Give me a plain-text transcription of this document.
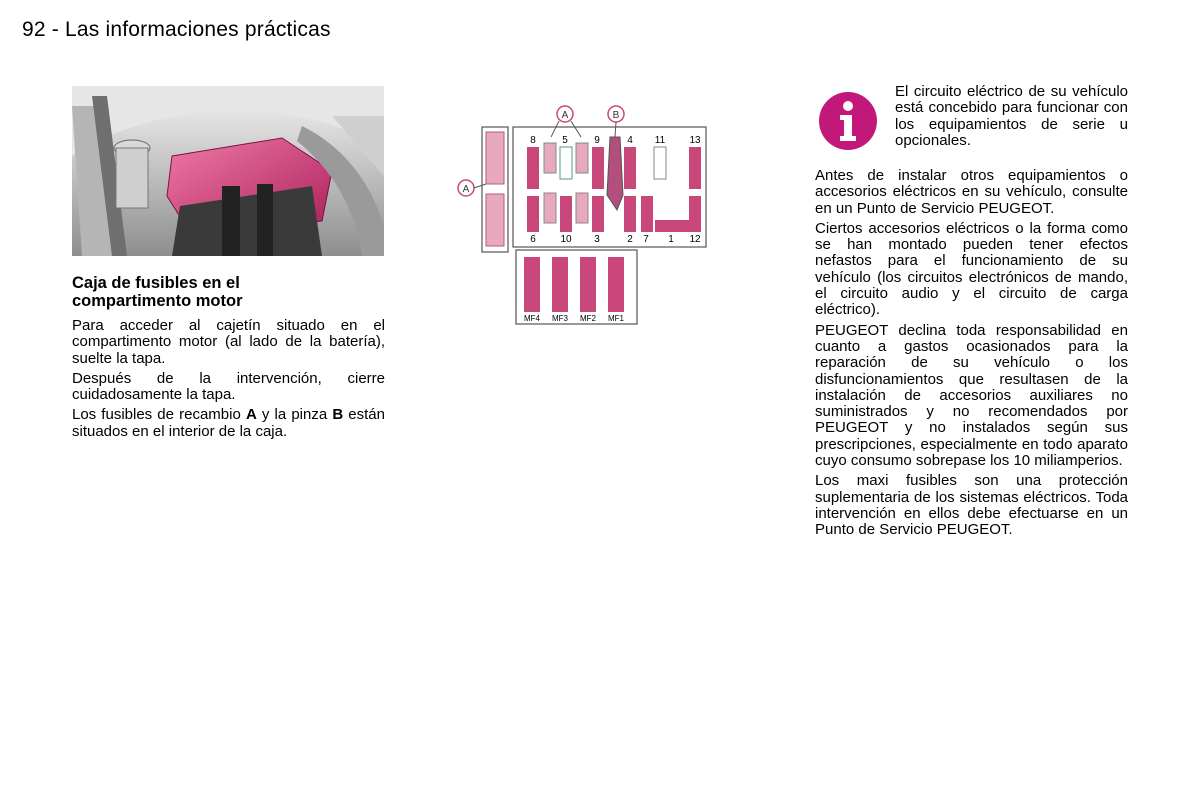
92 - Las informaciones prácticas
Caja de fusibles en el
compartimento motor

Para acceder al cajetín situado en el compartimento motor (al lado de la batería), suelte la tapa.

Después de la intervención, cierre cuidadosamente la tapa.

Los fusibles de recambio A y la pinza B están situados en el interior de la caja.

A
A	B
8	5	9	4 11 13
6 10 3	2 7 1 12
MF4 MF3 MF2 MF1
El circuito eléctrico de su vehículo está concebido para funcionar con los equipamientos de serie u opcionales.

Antes de instalar otros equipamientos o accesorios eléctricos en su vehículo, consulte en un Punto de Servicio PEUGEOT.

Ciertos accesorios eléctricos o la forma como se han montado pueden tener efectos nefastos para el funcionamiento de su vehículo (los circuitos electrónicos de mando, el circuito audio y el circuito de carga eléctrico).

PEUGEOT declina toda responsabilidad en cuanto a gastos ocasionados para la reparación de su vehículo o los disfuncionamientos que resultasen de la instalación de accesorios auxiliares no suministrados y no recomendados por PEUGEOT y no instalados según sus prescripciones, especialmente en todo aparato cuyo consumo sobrepase los 10 miliamperios.

Los maxi fusibles son una protección suplementaria de los sistemas eléctricos. Toda intervención en ellos debe efectuarse en un Punto de Servicio PEUGEOT.
